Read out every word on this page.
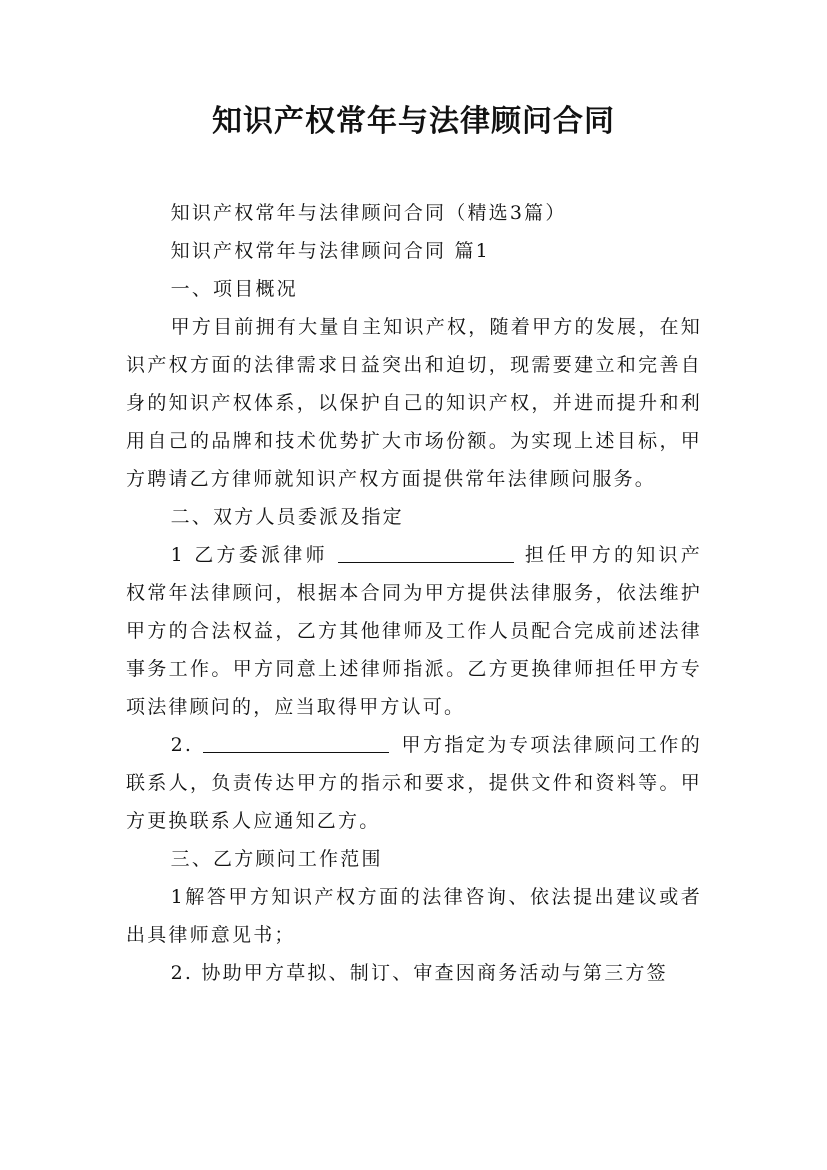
知识产权常年与法律顾问合同

知识产权常年与法律顾问合同（精选3篇）

知识产权常年与法律顾问合同 篇1

一、项目概况

甲方目前拥有大量自主知识产权，随着甲方的发展，在知识产权方面的法律需求日益突出和迫切，现需要建立和完善自身的知识产权体系，以保护自己的知识产权，并进而提升和利用自己的品牌和技术优势扩大市场份额。为实现上述目标，甲方聘请乙方律师就知识产权方面提供常年法律顾问服务。

二、双方人员委派及指定

1 乙方委派律师	担任甲方的知识产权常年法律顾问，根据本合同为甲方提供法律服务，依法维护甲方的合法权益，乙方其他律师及工作人员配合完成前述法律事务工作。甲方同意上述律师指派。乙方更换律师担任甲方专项法律顾问的，应当取得甲方认可。

2.	甲方指定为专项法律顾问工作的联系人，负责传达甲方的指示和要求，提供文件和资料等。甲方更换联系人应通知乙方。

三、乙方顾问工作范围

1解答甲方知识产权方面的法律咨询、依法提出建议或者出具律师意见书；

2. 协助甲方草拟、制订、审查因商务活动与第三方签
